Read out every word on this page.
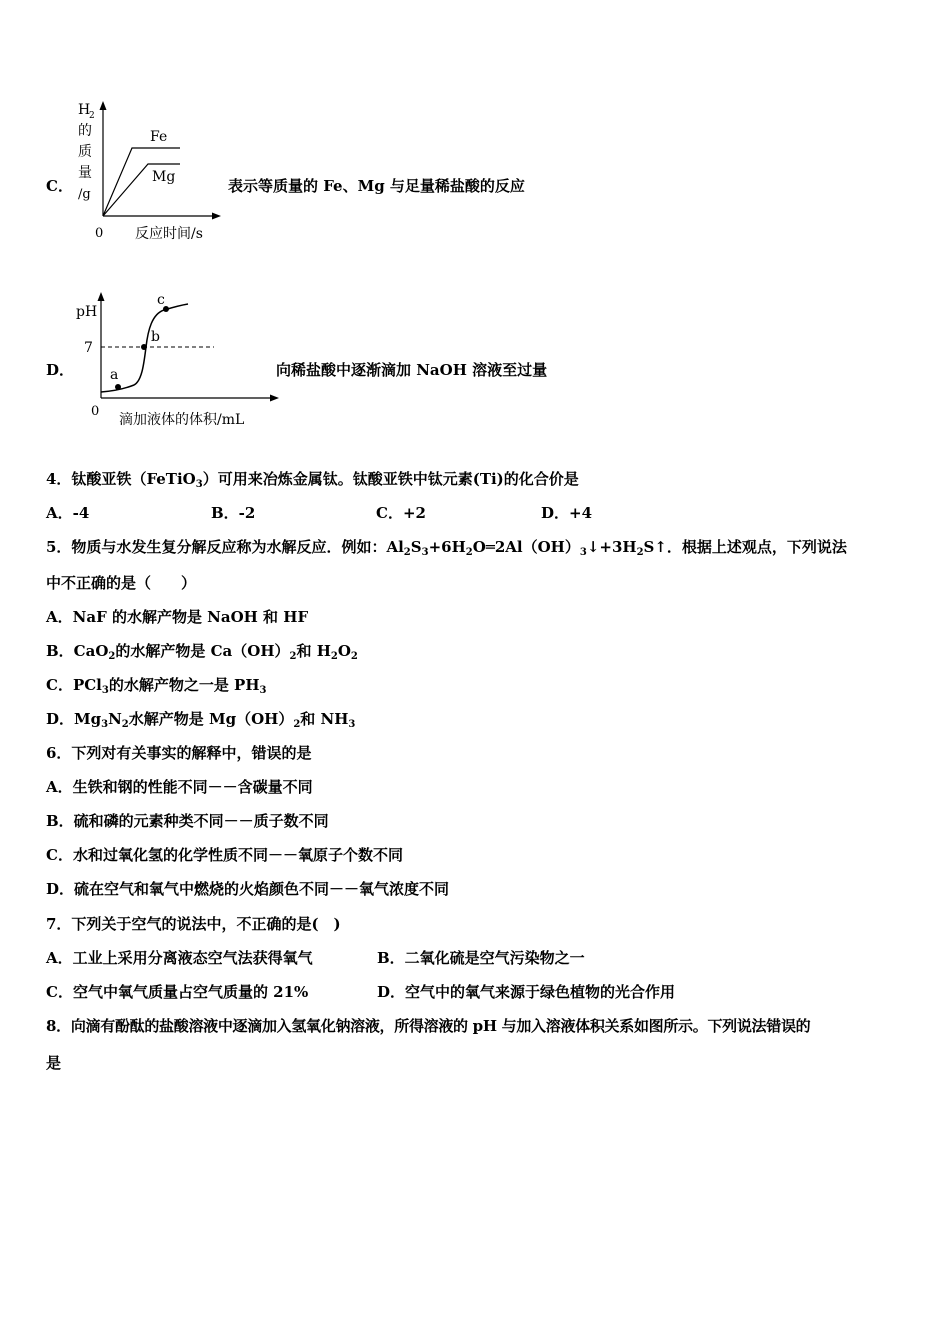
C．
H
2
的
质
量
/g
Fe
Mg
0 反应时间/s
表示等质量的 Fe、Mg 与足量稀盐酸的反应
D．
pH
7
a
b
c
0
滴加液体的体积/mL
向稀盐酸中逐渐滴加 NaOH 溶液至过量
4．钛酸亚铁（FeTiO$_3$）可用来冶炼金属钛。钛酸亚铁中钛元素(Ti)的化合价是
A．-4	B．-2	C．+2	D．+4
5．物质与水发生复分解反应称为水解反应．例如：$Al_2S_3+6H_2O═2Al(OH)_3↓+3H_2S↑$．根据上述观点，下列说法
中不正确的是（　　）
A．NaF 的水解产物是 NaOH 和 HF
B．CaO$_2$的水解产物是 $Ca(OH)_2$和 $H_2O_2$
C．PCl$_3$的水解产物之一是 $PH_3$
D．$Mg_3N_2$水解产物是 $Mg(OH)_2$和 $NH_3$
6．下列对有关事实的解释中，错误的是
A．生铁和钢的性能不同－－含碳量不同
B．硫和磷的元素种类不同－－质子数不同
C．水和过氧化氢的化学性质不同－－氧原子个数不同
D．硫在空气和氧气中燃烧的火焰颜色不同－－氧气浓度不同
7．下列关于空气的说法中，不正确的是(　)
A．工业上采用分离液态空气法获得氧气	B．二氧化硫是空气污染物之一
C．空气中氧气质量占空气质量的 21%	D．空气中的氧气来源于绿色植物的光合作用
8．向滴有酚酞的盐酸溶液中逐滴加入氢氧化钠溶液，所得溶液的 pH 与加入溶液体积关系如图所示。下列说法错误的
是
